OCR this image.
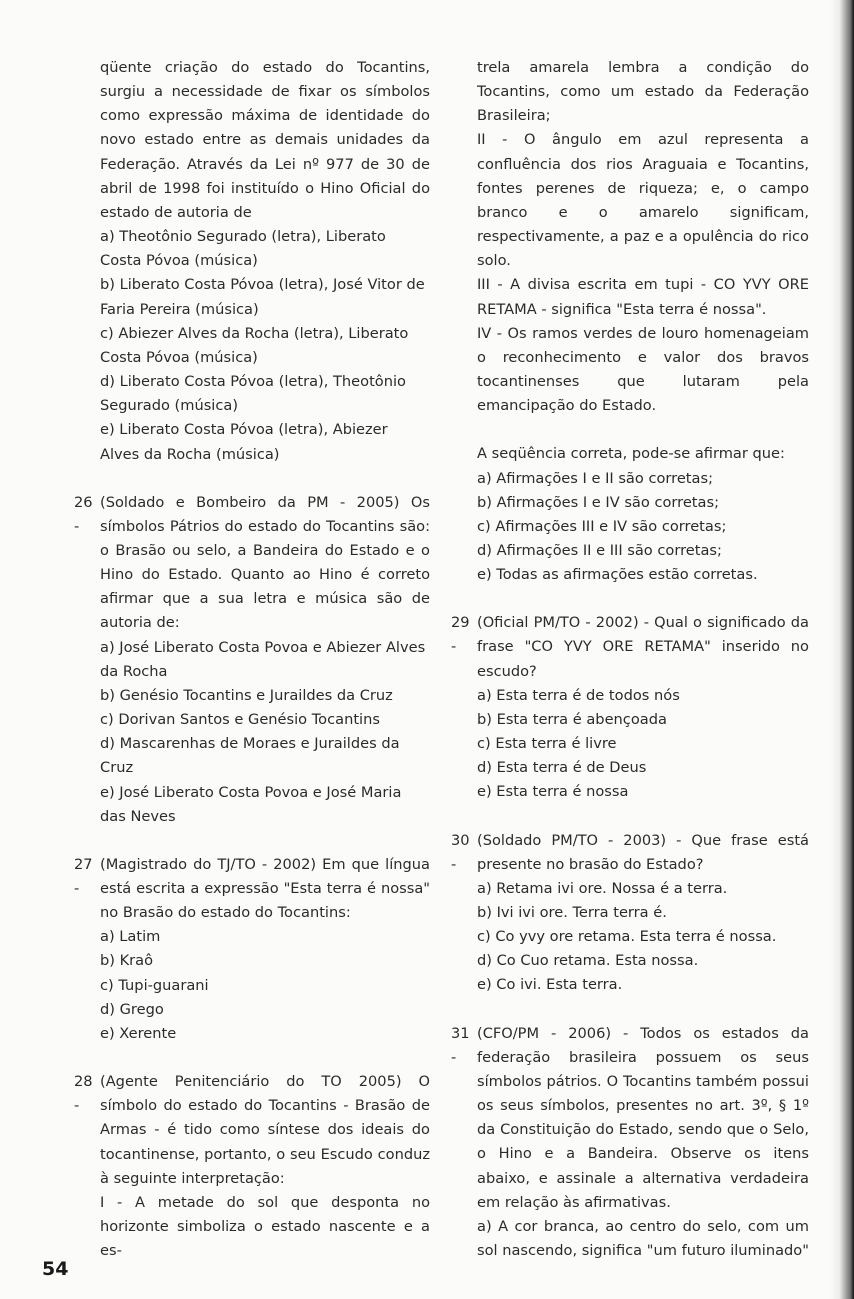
qüente criação do estado do Tocantins, surgiu a necessidade de fixar os símbolos como expressão máxima de identidade do novo estado entre as demais unidades da Federação. Através da Lei nº 977 de 30 de abril de 1998 foi instituído o Hino Oficial do estado de autoria de
a) Theotônio Segurado (letra), Liberato Costa Póvoa (música)
b) Liberato Costa Póvoa (letra), José Vitor de Faria Pereira (música)
c) Abiezer Alves da Rocha (letra), Liberato Costa Póvoa (música)
d) Liberato Costa Póvoa (letra), Theotônio Segurado (música)
e) Liberato Costa Póvoa (letra), Abiezer Alves da Rocha (música)
26 -
(Soldado e Bombeiro da PM - 2005) Os símbolos Pátrios do estado do Tocantins são: o Brasão ou selo, a Bandeira do Estado e o Hino do Estado. Quanto ao Hino é correto afirmar que a sua letra e música são de autoria de:
a) José Liberato Costa Povoa e Abiezer Alves da Rocha
b) Genésio Tocantins e Juraildes da Cruz
c) Dorivan Santos e Genésio Tocantins
d) Mascarenhas de Moraes e Juraildes da Cruz
e) José Liberato Costa Povoa e José Maria das Neves
27 -
(Magistrado do TJ/TO - 2002) Em que língua está escrita a expressão "Esta terra é nossa" no Brasão do estado do Tocantins:
a) Latim
b) Kraô
c) Tupi-guarani
d) Grego
e) Xerente
28 -
(Agente Penitenciário do TO 2005) O símbolo do estado do Tocantins - Brasão de Armas - é tido como síntese dos ideais do tocantinense, portanto, o seu Escudo conduz à seguinte interpretação:
I - A metade do sol que desponta no horizonte simboliza o estado nascente e a es-
trela amarela lembra a condição do Tocantins, como um estado da Federação Brasileira;
II - O ângulo em azul representa a confluência dos rios Araguaia e Tocantins, fontes perenes de riqueza; e, o campo branco e o amarelo significam, respectivamente, a paz e a opulência do rico solo.
III - A divisa escrita em tupi - CO YVY ORE RETAMA - significa "Esta terra é nossa".
IV - Os ramos verdes de louro homenageiam o reconhecimento e valor dos bravos tocantinenses que lutaram pela emancipação do Estado.
A seqüência correta, pode-se afirmar que:
a) Afirmações I e II são corretas;
b) Afirmações I e IV são corretas;
c) Afirmações III e IV são corretas;
d) Afirmações II e III são corretas;
e) Todas as afirmações estão corretas.
29 -
(Oficial PM/TO - 2002) - Qual o significado da frase "CO YVY ORE RETAMA" inserido no escudo?
a) Esta terra é de todos nós
b) Esta terra é abençoada
c) Esta terra é livre
d) Esta terra é de Deus
e) Esta terra é nossa
30 -
(Soldado PM/TO - 2003) - Que frase está presente no brasão do Estado?
a) Retama ivi ore. Nossa é a terra.
b) Ivi ivi ore. Terra terra é.
c) Co yvy ore retama. Esta terra é nossa.
d) Co Cuo retama. Esta nossa.
e) Co ivi. Esta terra.
31 -
(CFO/PM - 2006) - Todos os estados da federação brasileira possuem os seus símbolos pátrios. O Tocantins também possui os seus símbolos, presentes no art. 3º, § 1º da Constituição do Estado, sendo que o Selo, o Hino e a Bandeira. Observe os itens abaixo, e assinale a alternativa verdadeira em relação às afirmativas.
a) A cor branca, ao centro do selo, com um sol nascendo, significa "um futuro iluminado"
54
